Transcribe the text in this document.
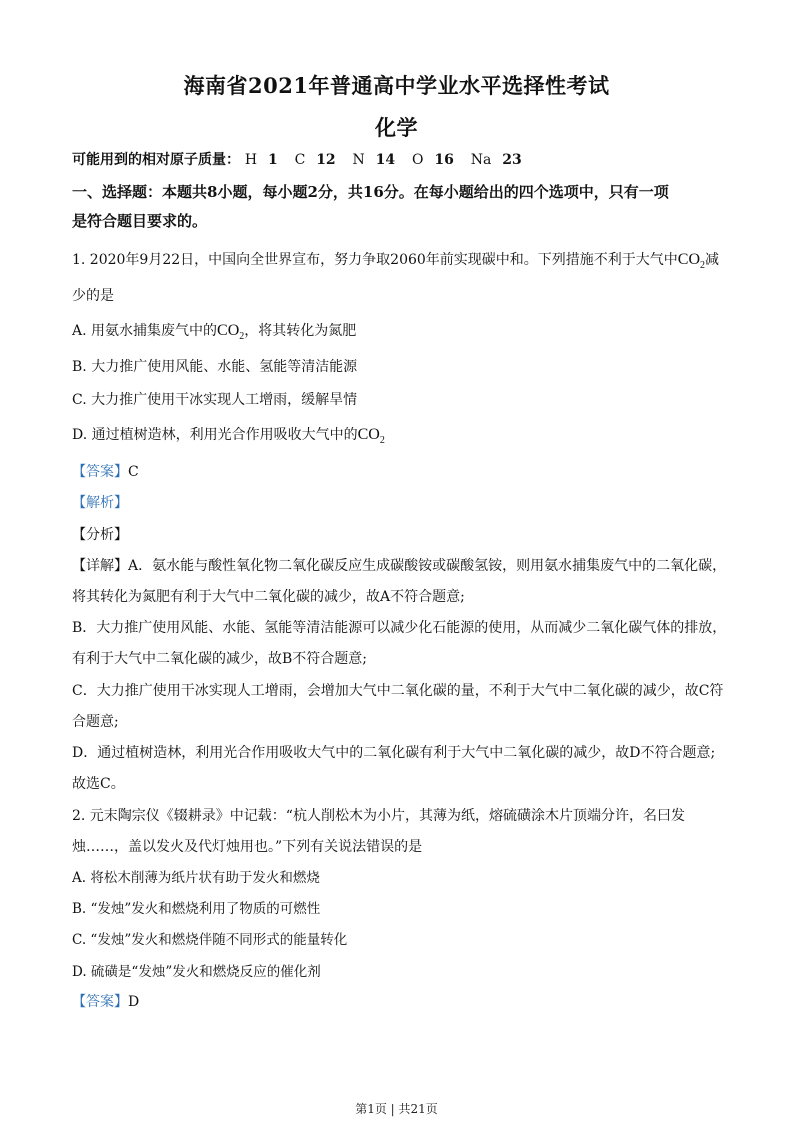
海南省2021年普通高中学业水平选择性考试
化学
可能用到的相对原子质量： H 1 C 12 N 14 O 16 Na 23
一、选择题：本题共8小题，每小题2分，共16分。在每小题给出的四个选项中，只有一项
是符合题目要求的。
1. 2020年9月22日，中国向全世界宣布，努力争取2060年前实现碳中和。下列措施不利于大气中$CO_2$减
少的是
A. 用氨水捕集废气中的$CO_2$，将其转化为氮肥
B. 大力推广使用风能、水能、氢能等清洁能源
C. 大力推广使用干冰实现人工增雨，缓解旱情
D. 通过植树造林，利用光合作用吸收大气中的$CO_2$
【答案】C
【解析】
【分析】
【详解】A．氨水能与酸性氧化物二氧化碳反应生成碳酸铵或碳酸氢铵，则用氨水捕集废气中的二氧化碳，
将其转化为氮肥有利于大气中二氧化碳的减少，故A不符合题意;
B．大力推广使用风能、水能、氢能等清洁能源可以减少化石能源的使用，从而减少二氧化碳气体的排放，
有利于大气中二氧化碳的减少，故B不符合题意;
C．大力推广使用干冰实现人工增雨，会增加大气中二氧化碳的量，不利于大气中二氧化碳的减少，故C符
合题意;
D．通过植树造林，利用光合作用吸收大气中的二氧化碳有利于大气中二氧化碳的减少，故D不符合题意;
故选C。
2. 元末陶宗仪《辍耕录》中记载：“杭人削松木为小片，其薄为纸，熔硫磺涂木片顶端分许，名曰发
烛……，盖以发火及代灯烛用也。”下列有关说法错误的是
A. 将松木削薄为纸片状有助于发火和燃烧
B. “发烛”发火和燃烧利用了物质的可燃性
C. “发烛”发火和燃烧伴随不同形式的能量转化
D. 硫磺是“发烛”发火和燃烧反应的催化剂
【答案】D
第1页 | 共21页
